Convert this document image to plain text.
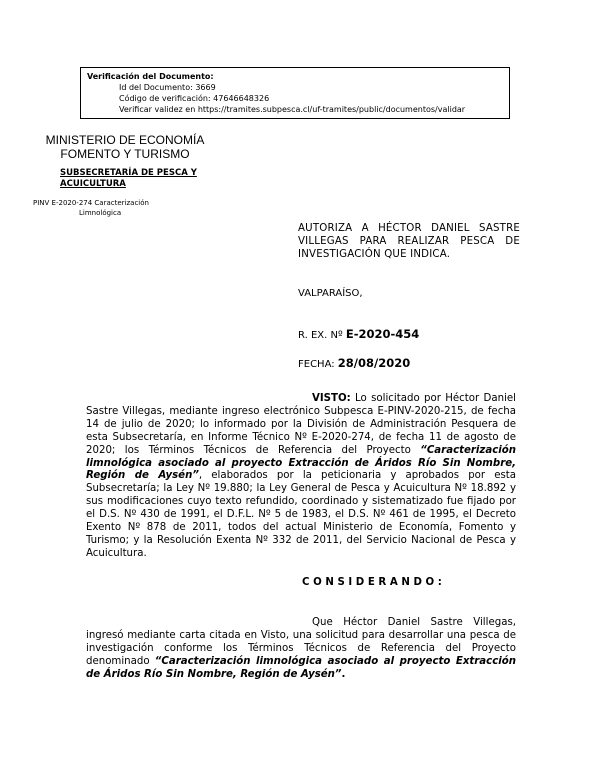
Verificación del Documento:
• Id del Documento: 3669
• Código de verificación: 47646648326
• Verificar validez en https://tramites.subpesca.cl/uf-tramites/public/documentos/validar
MINISTERIO DE ECONOMÍA
FOMENTO Y TURISMO
SUBSECRETARÍA DE PESCA Y ACUICULTURA
PINV E-2020-274 Caracterización
Limnológica
AUTORIZA A HÉCTOR DANIEL SASTRE VILLEGAS PARA REALIZAR PESCA DE INVESTIGACIÓN QUE INDICA.
VALPARAÍSO,
R. EX. Nº E-2020-454
FECHA: 28/08/2020
VISTO: Lo solicitado por Héctor Daniel Sastre Villegas, mediante ingreso electrónico Subpesca E-PINV-2020-215, de fecha 14 de julio de 2020; lo informado por la División de Administración Pesquera de esta Subsecretaría, en Informe Técnico Nº E-2020-274, de fecha 11 de agosto de 2020; los Términos Técnicos de Referencia del Proyecto “Caracterización limnológica asociado al proyecto Extracción de Áridos Río Sin Nombre, Región de Aysén”, elaborados por la peticionaria y aprobados por esta Subsecretaría; la Ley Nº 19.880; la Ley General de Pesca y Acuicultura Nº 18.892 y sus modificaciones cuyo texto refundido, coordinado y sistematizado fue fijado por el D.S. Nº 430 de 1991, el D.F.L. Nº 5 de 1983, el D.S. Nº 461 de 1995, el Decreto Exento Nº 878 de 2011, todos del actual Ministerio de Economía, Fomento y Turismo; y la Resolución Exenta Nº 332 de 2011, del Servicio Nacional de Pesca y Acuicultura.
CONSIDERANDO:
Que Héctor Daniel Sastre Villegas, ingresó mediante carta citada en Visto, una solicitud para desarrollar una pesca de investigación conforme los Términos Técnicos de Referencia del Proyecto denominado “Caracterización limnológica asociado al proyecto Extracción de Áridos Río Sin Nombre, Región de Aysén”.
